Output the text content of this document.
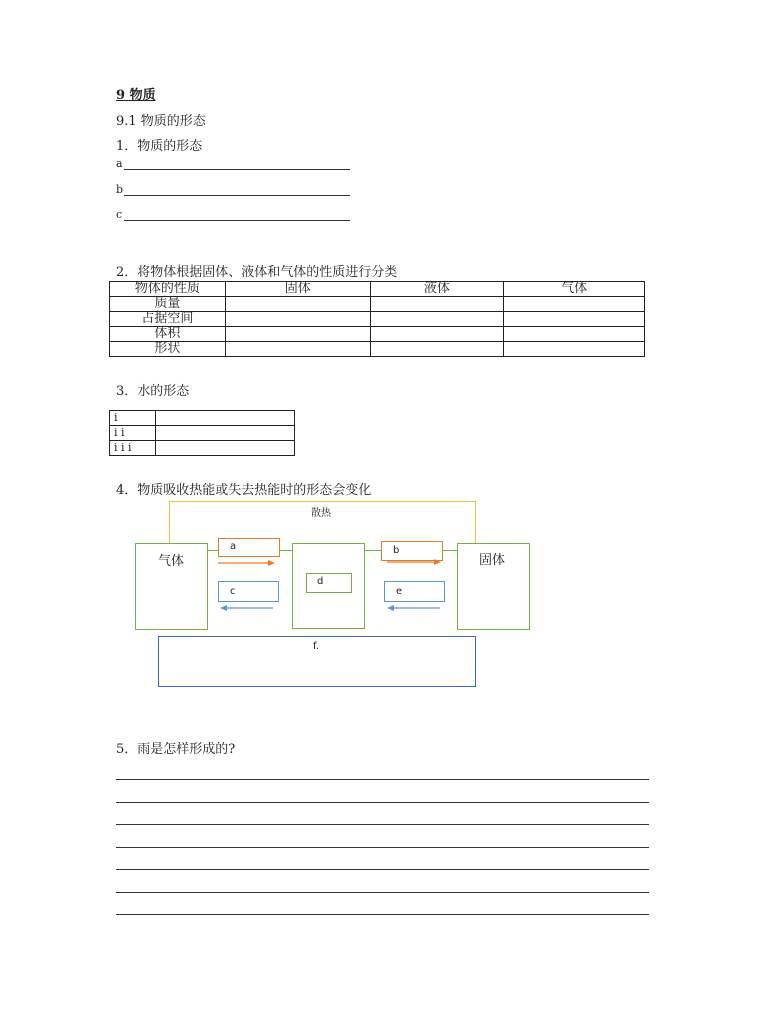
9 物质
9.1 物质的形态
1．物质的形态
a
b
c
2．将物体根据固体、液体和气体的性质进行分类
物体的性质	固体	液体	气体
质量			
占据空间			
体积			
形状			
3．水的形态
i	
i i	
i i i	
4．物质吸收热能或失去热能时的形态会变化
散热
气体
d
固体
a	b
c	e
f.
5．雨是怎样形成的?
